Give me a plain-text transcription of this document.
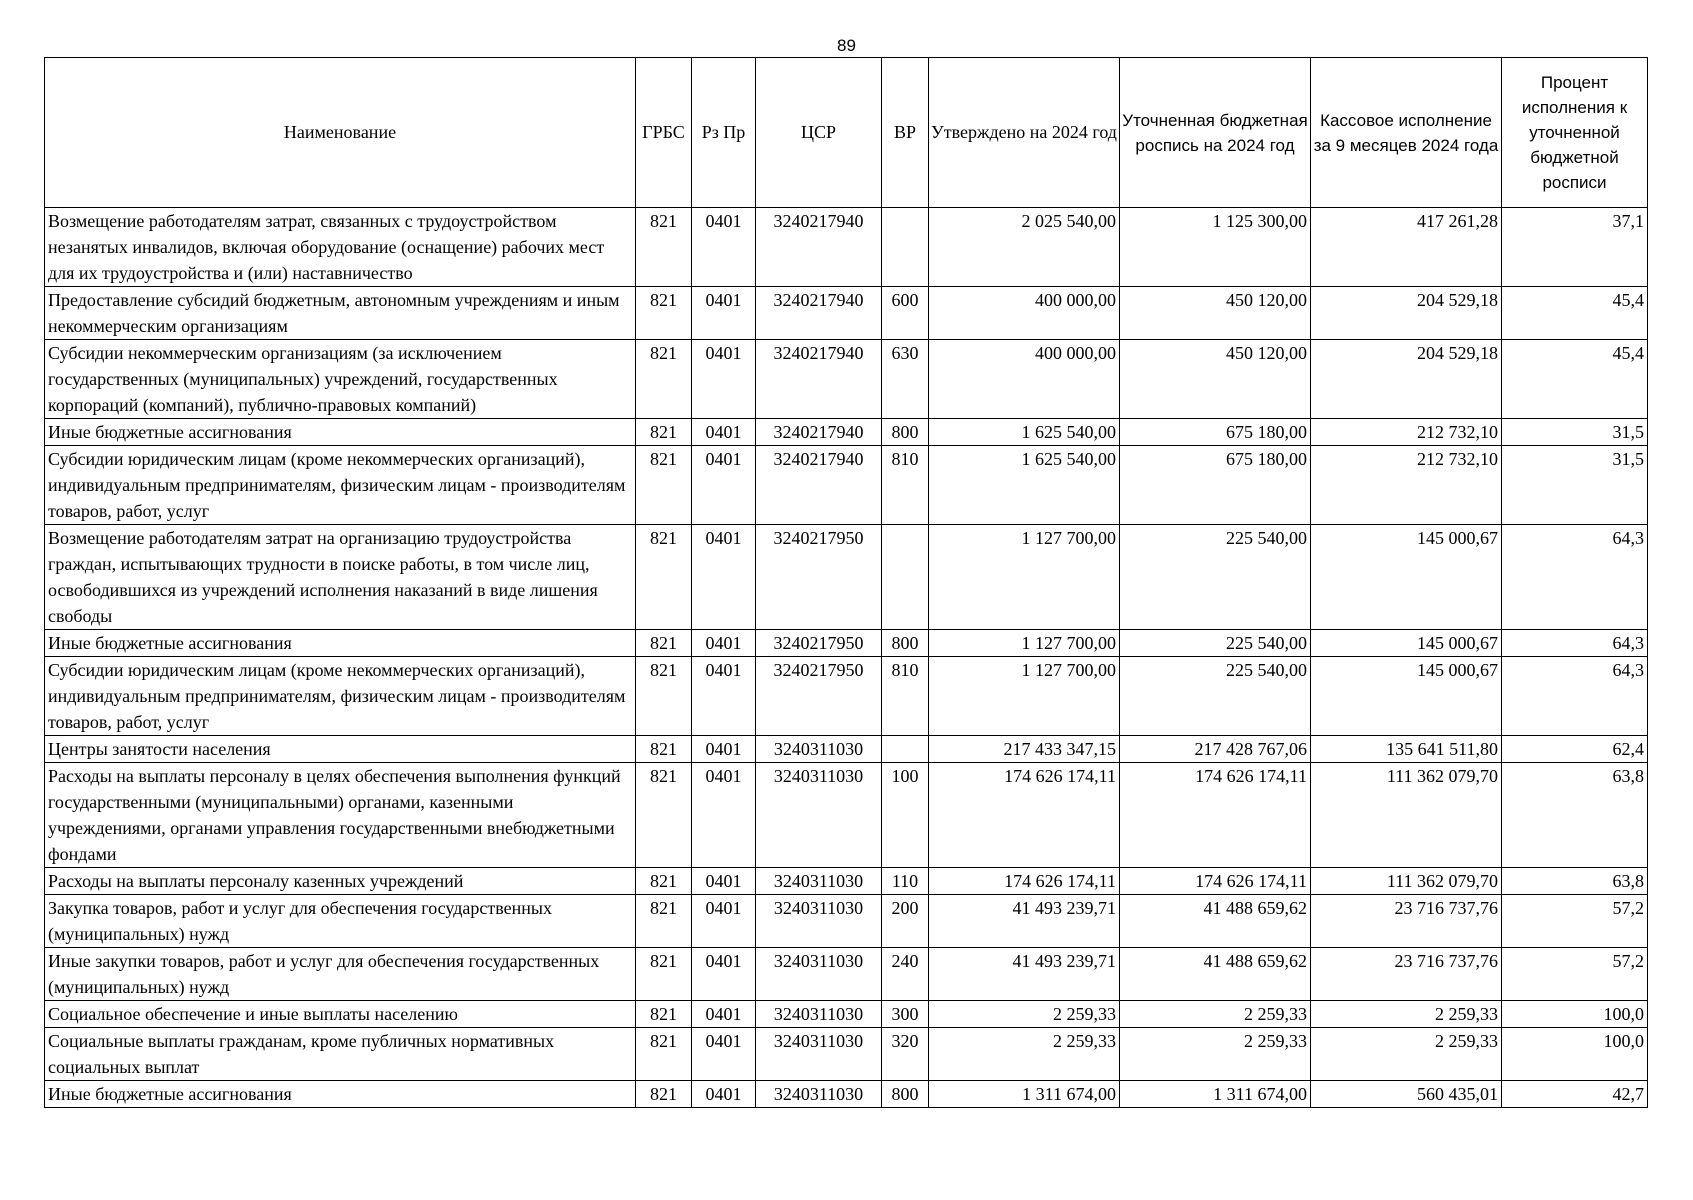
89
Наименование	ГРБС	Рз Пр	ЦСР	ВР	Утверждено на 2024 год	Уточненная бюджетная роспись на 2024 год	Кассовое исполнение за 9 месяцев 2024 года	Процент исполнения к уточненной бюджетной росписи
Возмещение работодателям затрат, связанных с трудоустройством незанятых инвалидов, включая оборудование (оснащение) рабочих мест для их трудоустройства и (или) наставничество	821	0401	3240217940		2 025 540,00	1 125 300,00	417 261,28	37,1
Предоставление субсидий бюджетным, автономным учреждениям и иным некоммерческим организациям	821	0401	3240217940	600	400 000,00	450 120,00	204 529,18	45,4
Субсидии некоммерческим организациям (за исключением государственных (муниципальных) учреждений, государственных корпораций (компаний), публично-правовых компаний)	821	0401	3240217940	630	400 000,00	450 120,00	204 529,18	45,4
Иные бюджетные ассигнования	821	0401	3240217940	800	1 625 540,00	675 180,00	212 732,10	31,5
Субсидии юридическим лицам (кроме некоммерческих организаций), индивидуальным предпринимателям, физическим лицам - производителям товаров, работ, услуг	821	0401	3240217940	810	1 625 540,00	675 180,00	212 732,10	31,5
Возмещение работодателям затрат на организацию трудоустройства граждан, испытывающих трудности в поиске работы, в том числе лиц, освободившихся из учреждений исполнения наказаний в виде лишения свободы	821	0401	3240217950		1 127 700,00	225 540,00	145 000,67	64,3
Иные бюджетные ассигнования	821	0401	3240217950	800	1 127 700,00	225 540,00	145 000,67	64,3
Субсидии юридическим лицам (кроме некоммерческих организаций), индивидуальным предпринимателям, физическим лицам - производителям товаров, работ, услуг	821	0401	3240217950	810	1 127 700,00	225 540,00	145 000,67	64,3
Центры занятости населения	821	0401	3240311030		217 433 347,15	217 428 767,06	135 641 511,80	62,4
Расходы на выплаты персоналу в целях обеспечения выполнения функций государственными (муниципальными) органами, казенными учреждениями, органами управления государственными внебюджетными фондами	821	0401	3240311030	100	174 626 174,11	174 626 174,11	111 362 079,70	63,8
Расходы на выплаты персоналу казенных учреждений	821	0401	3240311030	110	174 626 174,11	174 626 174,11	111 362 079,70	63,8
Закупка товаров, работ и услуг для обеспечения государственных (муниципальных) нужд	821	0401	3240311030	200	41 493 239,71	41 488 659,62	23 716 737,76	57,2
Иные закупки товаров, работ и услуг для обеспечения государственных (муниципальных) нужд	821	0401	3240311030	240	41 493 239,71	41 488 659,62	23 716 737,76	57,2
Социальное обеспечение и иные выплаты населению	821	0401	3240311030	300	2 259,33	2 259,33	2 259,33	100,0
Социальные выплаты гражданам, кроме публичных нормативных социальных выплат	821	0401	3240311030	320	2 259,33	2 259,33	2 259,33	100,0
Иные бюджетные ассигнования	821	0401	3240311030	800	1 311 674,00	1 311 674,00	560 435,01	42,7
